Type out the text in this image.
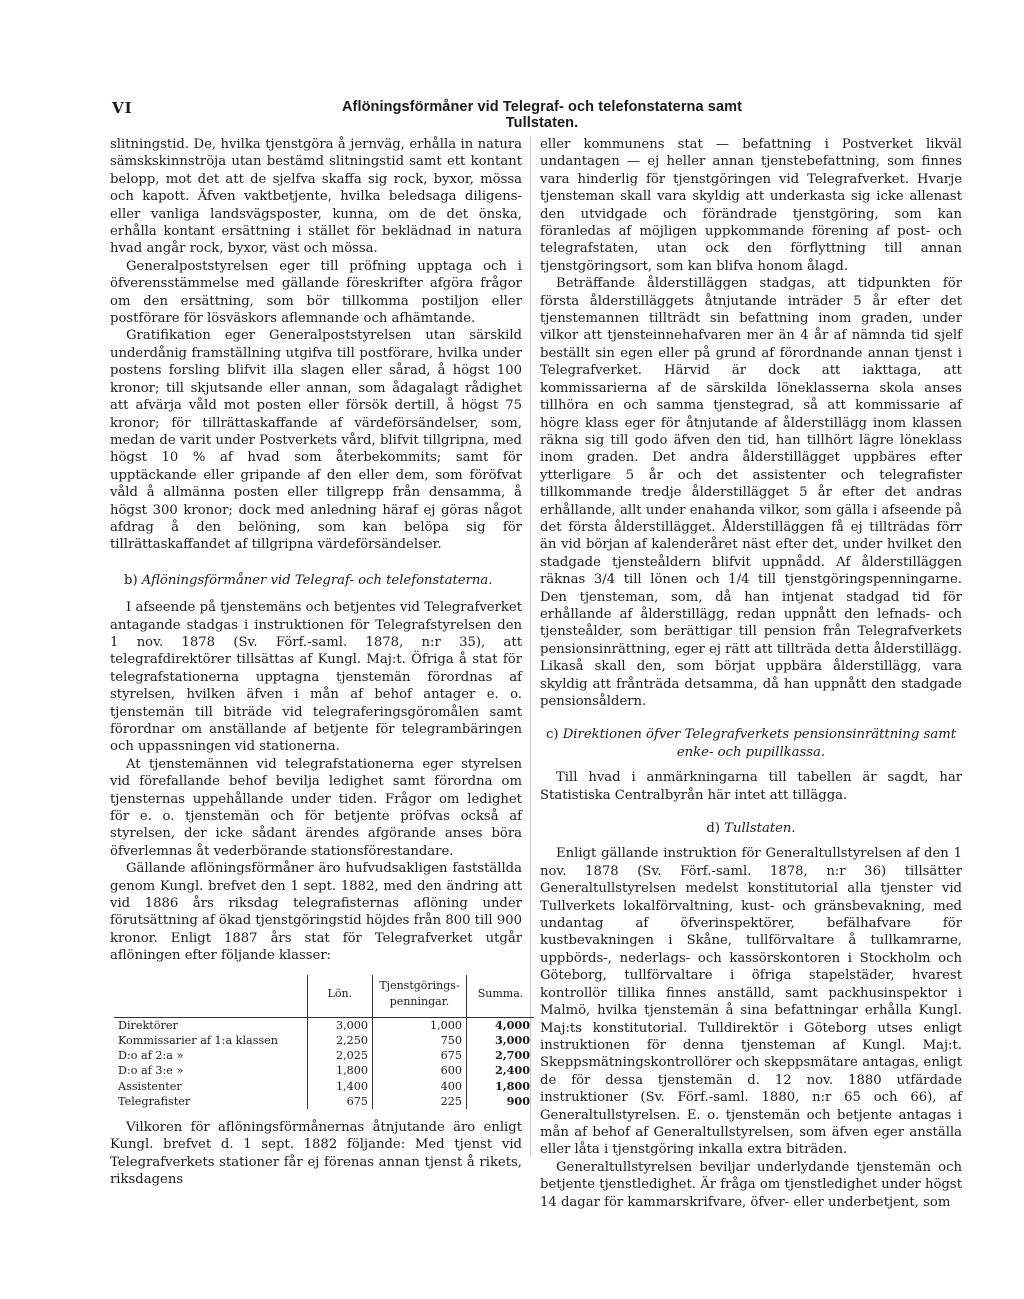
VI	Aflöningsförmåner vid Telegraf- och telefonstaterna samt Tullstaten.

slitningstid. De, hvilka tjenstgöra å jernväg, erhålla in natura sämskskinnströja utan bestämd slitningstid samt ett kontant belopp, mot det att de sjelfva skaffa sig rock, byxor, mössa och kapott. Äfven vaktbetjente, hvilka beledsaga diligens- eller vanliga landsvägsposter, kunna, om de det önska, erhålla kontant ersättning i stället för beklädnad in natura hvad angår rock, byxor, väst och mössa.

Generalpoststyrelsen eger till pröfning upptaga och i öfverensstämmelse med gällande föreskrifter afgöra frågor om den ersättning, som bör tillkomma postiljon eller postförare för lösväskors aflemnande och afhämtande.

Gratifikation eger Generalpoststyrelsen utan särskild underdånig framställning utgifva till postförare, hvilka under postens forsling blifvit illa slagen eller sårad, å högst 100 kronor; till skjutsande eller annan, som ådagalagt rådighet att afvärja våld mot posten eller försök dertill, å högst 75 kronor; för tillrättaskaffande af värdeförsändelser, som, medan de varit under Postverkets vård, blifvit tillgripna, med högst 10 % af hvad som återbekommits; samt för upptäckande eller gripande af den eller dem, som föröfvat våld å allmänna posten eller tillgrepp från densamma, å högst 300 kronor; dock med anledning häraf ej göras något afdrag å den belöning, som kan belöpa sig för tillrättaskaffandet af tillgripna värdeförsändelser.

b) Aflöningsförmåner vid Telegraf- och telefonstaterna.

I afseende på tjenstemäns och betjentes vid Telegrafverket antagande stadgas i instruktionen för Telegrafstyrelsen den 1 nov. 1878 (Sv. Förf.-saml. 1878, n:r 35), att telegrafdirektörer tillsättas af Kungl. Maj:t. Öfriga å stat för telegrafstationerna upptagna tjenstemän förordnas af styrelsen, hvilken äfven i mån af behof antager e. o. tjenstemän till biträde vid telegraferingsgöromålen samt förordnar om anställande af betjente för telegrambäringen och uppassningen vid stationerna.

At tjenstemännen vid telegrafstationerna eger styrelsen vid förefallande behof bevilja ledighet samt förordna om tjensternas uppehållande under tiden. Frågor om ledighet för e. o. tjenstemän och för betjente pröfvas också af styrelsen, der icke sådant ärendes afgörande anses böra öfverlemnas åt vederbörande stationsförestandare.

Gällande aflöningsförmåner äro hufvudsakligen fastställda genom Kungl. brefvet den 1 sept. 1882, med den ändring att vid 1886 års riksdag telegrafisternas aflöning under förutsättning af ökad tjenstgöringstid höjdes från 800 till 900 kronor. Enligt 1887 års stat för Telegrafverket utgår aflöningen efter följande klasser:

	Lön.	Tjenstgörings-penningar.	Summa.
Direktörer	3,000	1,000	4,000
Kommissarier af 1:a klassen	2,250	750	3,000
D:o af 2:a »	2,025	675	2,700
D:o af 3:e »	1,800	600	2,400
Assistenter	1,400	400	1,800
Telegrafister	675	225	900

Vilkoren för aflöningsförmånernas åtnjutande äro enligt Kungl. brefvet d. 1 sept. 1882 följande: Med tjenst vid Telegrafverkets stationer får ej förenas annan tjenst å rikets, riksdagens

eller kommunens stat — befattning i Postverket likväl undantagen — ej heller annan tjenstebefattning, som finnes vara hinderlig för tjenstgöringen vid Telegrafverket. Hvarje tjensteman skall vara skyldig att underkasta sig icke allenast den utvidgade och förändrade tjenstgöring, som kan föranledas af möjligen uppkommande förening af post- och telegrafstaten, utan ock den förflyttning till annan tjenstgöringsort, som kan blifva honom ålagd.

Beträffande ålderstilläggen stadgas, att tidpunkten för första ålderstilläggets åtnjutande inträder 5 år efter det tjenstemannen tillträdt sin befattning inom graden, under vilkor att tjensteinnehafvaren mer än 4 år af nämnda tid sjelf beställt sin egen eller på grund af förordnande annan tjenst i Telegrafverket. Härvid är dock att iakttaga, att kommissarierna af de särskilda löneklasserna skola anses tillhöra en och samma tjenstegrad, så att kommissarie af högre klass eger för åtnjutande af ålderstillägg inom klassen räkna sig till godo äfven den tid, han tillhört lägre löneklass inom graden. Det andra ålderstillägget uppbäres efter ytterligare 5 år och det assistenter och telegrafister tillkommande tredje ålderstillägget 5 år efter det andras erhållande, allt under enahanda vilkor, som gälla i afseende på det första ålderstillägget. Ålderstilläggen få ej tillträdas förr än vid början af kalenderåret näst efter det, under hvilket den stadgade tjensteåldern blifvit uppnådd. Af ålderstilläggen räknas 3/4 till lönen och 1/4 till tjenstgöringspenningarne. Den tjensteman, som, då han intjenat stadgad tid för erhållande af ålderstillägg, redan uppnått den lefnads- och tjensteålder, som berättigar till pension från Telegrafverkets pensionsinrättning, eger ej rätt att tillträda detta ålderstillägg. Likaså skall den, som börjat uppbära ålderstillägg, vara skyldig att frånträda detsamma, då han uppnått den stadgade pensionsåldern.

c) Direktionen öfver Telegrafverkets pensionsinrättning samt enke- och pupillkassa.

Till hvad i anmärkningarna till tabellen är sagdt, har Statistiska Centralbyrån här intet att tillägga.

d) Tullstaten.

Enligt gällande instruktion för Generaltullstyrelsen af den 1 nov. 1878 (Sv. Förf.-saml. 1878, n:r 36) tillsätter Generaltullstyrelsen medelst konstitutorial alla tjenster vid Tullverkets lokalförvaltning, kust- och gränsbevakning, med undantag af öfverinspektörer, befälhafvare för kustbevakningen i Skåne, tullförvaltare å tullkamrarne, uppbörds-, nederlags- och kassörskontoren i Stockholm och Göteborg, tullförvaltare i öfriga stapelstäder, hvarest kontrollör tillika finnes anställd, samt packhusinspektor i Malmö, hvilka tjenstemän å sina befattningar erhålla Kungl. Maj:ts konstitutorial. Tulldirektör i Göteborg utses enligt instruktionen för denna tjensteman af Kungl. Maj:t. Skeppsmätningskontrollörer och skeppsmätare antagas, enligt de för dessa tjenstemän d. 12 nov. 1880 utfärdade instruktioner (Sv. Förf.-saml. 1880, n:r 65 och 66), af Generaltullstyrelsen. E. o. tjenstemän och betjente antagas i mån af behof af Generaltullstyrelsen, som äfven eger anställa eller låta i tjenstgöring inkalla extra biträden.

Generaltullstyrelsen beviljar underlydande tjenstemän och betjente tjenstledighet. Är fråga om tjenstledighet under högst 14 dagar för kammarskrifvare, öfver- eller underbetjent, som
